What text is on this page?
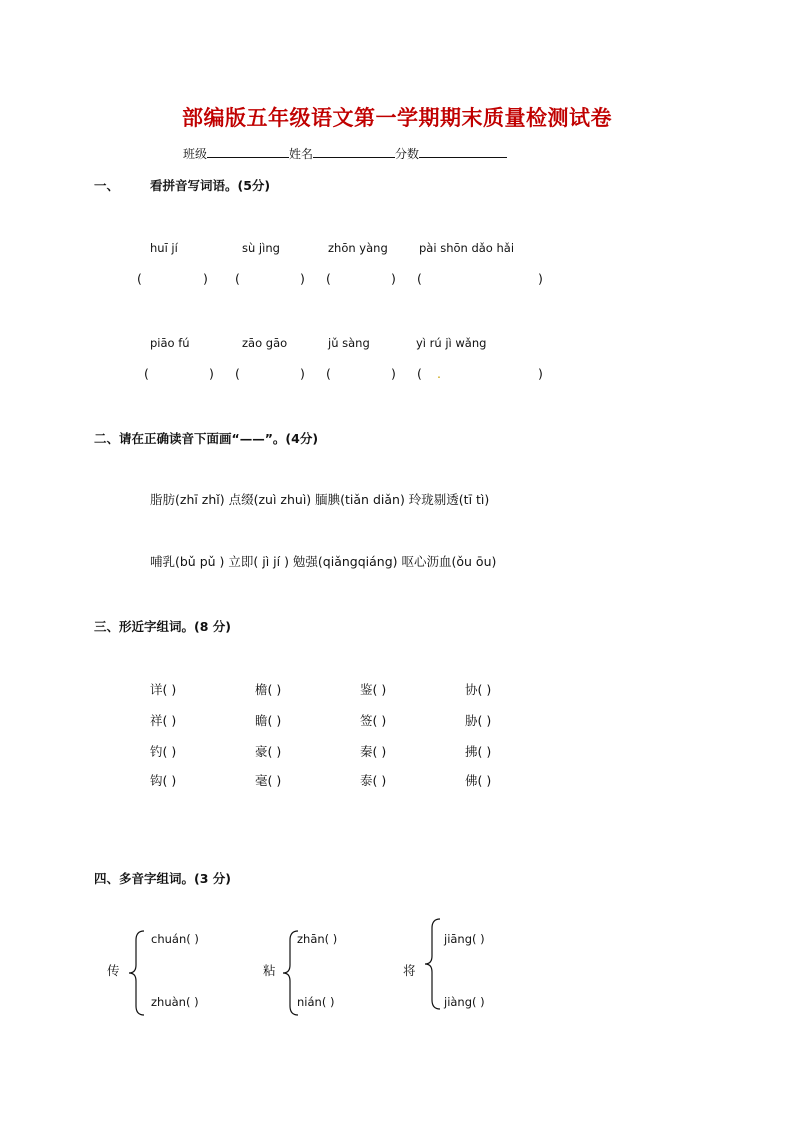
部编版五年级语文第一学期期末质量检测试卷
班级	姓名	分数
一、 看拼音写词语。(5分)
huī jí	sù jìng	zhōn yàng	pài shōn dǎo hǎi
(	) (	) (	) (	)
piāo fú	zāo gāo	jǔ sàng	yì rú jì wǎng
(	) (	) (	) ( .	)
二、请在正确读音下面画“——”。(4分)
脂肪(zhī zhǐ) 点缀(zuì zhuì) 腼腆(tiǎn diǎn) 玲珑剔透(tī tì)
哺乳(bǔ pǔ ) 立即( jì jí ) 勉强(qiǎngqiáng) 呕心沥血(ǒu ōu)
三、形近字组词。(8 分)
详( )	檐( )	鉴( )	协( )
祥( )	瞻( )	签( )	胁( )
钓( )	豪( )	秦( )	拂( )
钩( )	毫( )	泰( )	佛( )
四、多音字组词。(3 分)
传
chuán( )
zhuàn( )
粘
zhān( )
nián( )
将
jiāng( )
jiàng( )
